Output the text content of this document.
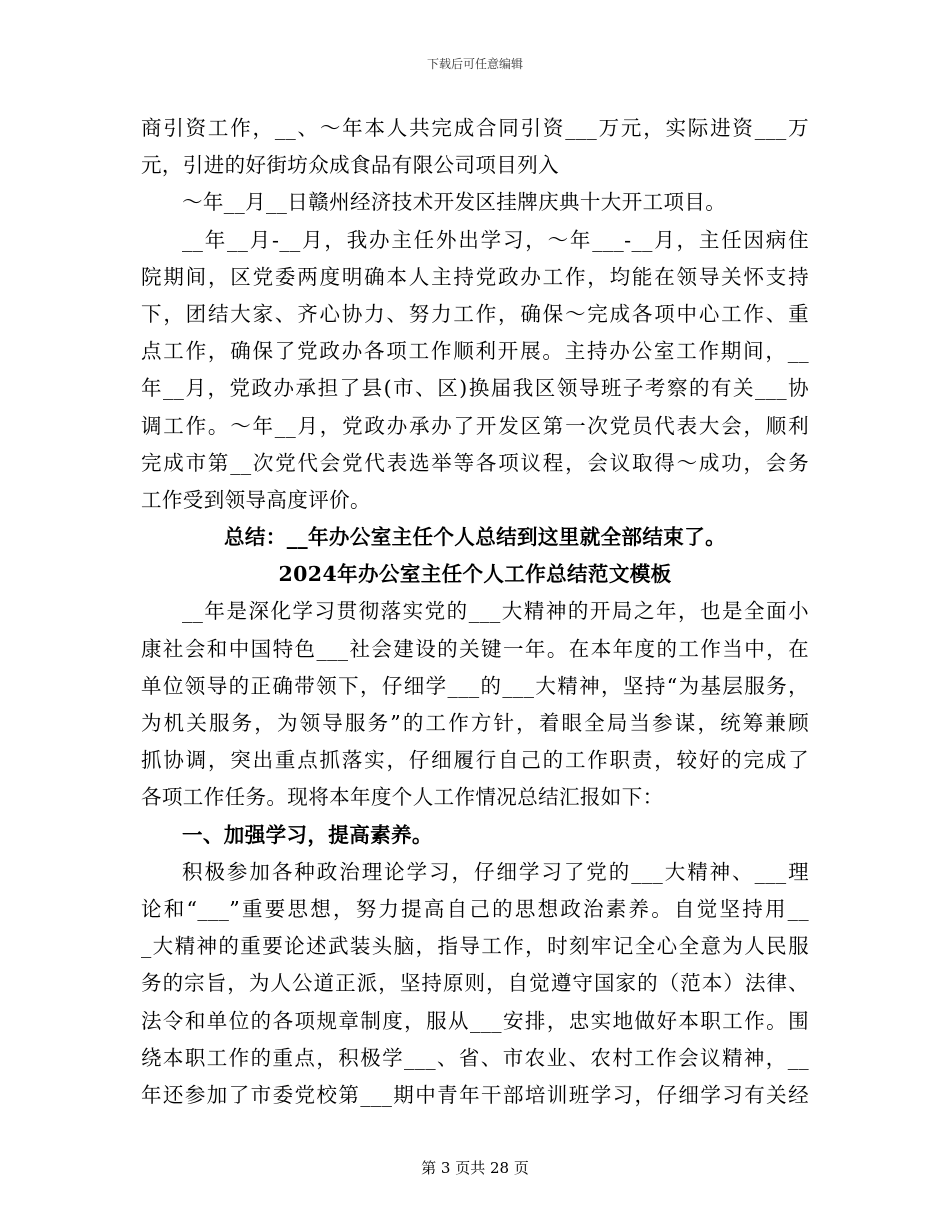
下载后可任意编辑
商引资工作，__、～年本人共完成合同引资___万元，实际进资___万
元，引进的好街坊众成食品有限公司项目列入
～年__月__日赣州经济技术开发区挂牌庆典十大开工项目。
__年__月-__月，我办主任外出学习，～年___-__月，主任因病住
院期间，区党委两度明确本人主持党政办工作，均能在领导关怀支持
下，团结大家、齐心协力、努力工作，确保～完成各项中心工作、重
点工作，确保了党政办各项工作顺利开展。主持办公室工作期间，__
年__月，党政办承担了县(市、区)换届我区领导班子考察的有关___协
调工作。～年__月，党政办承办了开发区第一次党员代表大会，顺利
完成市第__次党代会党代表选举等各项议程，会议取得～成功，会务
工作受到领导高度评价。
总结：__年办公室主任个人总结到这里就全部结束了。
2024年办公室主任个人工作总结范文模板
__年是深化学习贯彻落实党的___大精神的开局之年，也是全面小
康社会和中国特色___社会建设的关键一年。在本年度的工作当中，在
单位领导的正确带领下，仔细学___的___大精神，坚持“为基层服务，
为机关服务，为领导服务”的工作方针，着眼全局当参谋，统筹兼顾
抓协调，突出重点抓落实，仔细履行自己的工作职责，较好的完成了
各项工作任务。现将本年度个人工作情况总结汇报如下：
一、加强学习，提高素养。
积极参加各种政治理论学习，仔细学习了党的___大精神、___理
论和“___”重要思想，努力提高自己的思想政治素养。自觉坚持用__
_大精神的重要论述武装头脑，指导工作，时刻牢记全心全意为人民服
务的宗旨，为人公道正派，坚持原则，自觉遵守国家的（范本）法律、
法令和单位的各项规章制度，服从___安排，忠实地做好本职工作。围
绕本职工作的重点，积极学___、省、市农业、农村工作会议精神，__
年还参加了市委党校第___期中青年干部培训班学习，仔细学习有关经
第 3 页共 28 页
